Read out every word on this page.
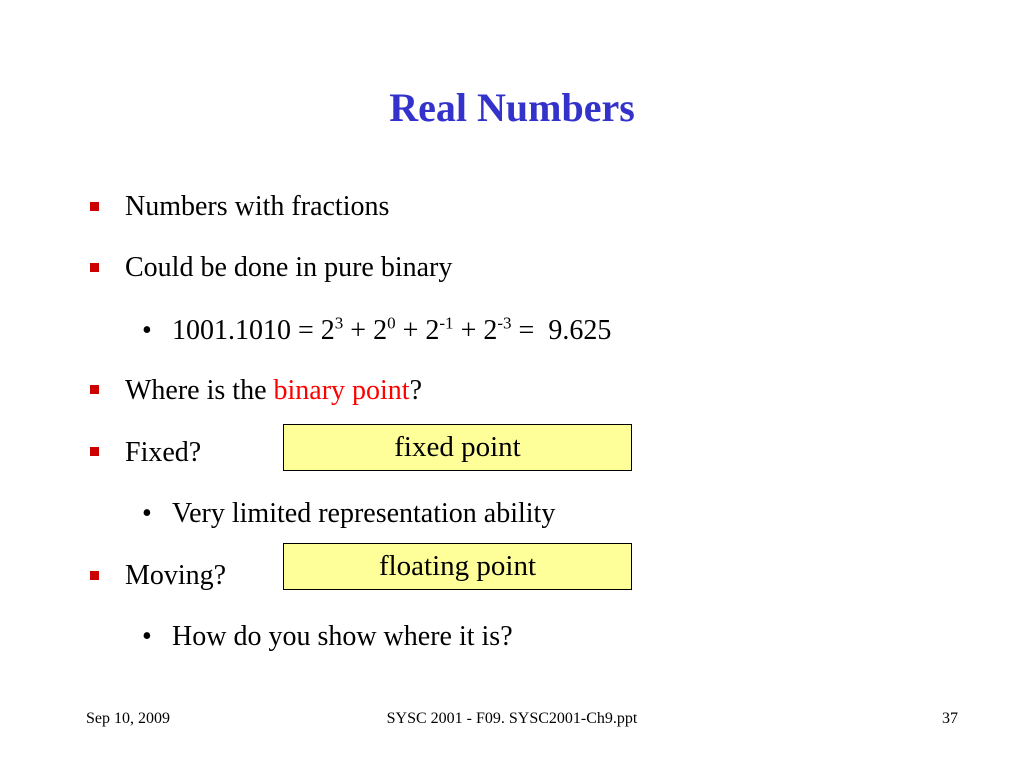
Real Numbers
Numbers with fractions
Could be done in pure binary
• $1001.1010 = 2^3 + 2^0 + 2^{-1} + 2^{-3} = 9.625$
Where is the binary point?
Fixed?	fixed point
• Very limited representation ability
Moving?	floating point
• How do you show where it is?
Sep 10, 2009	SYSC 2001 - F09. SYSC2001-Ch9.ppt	37
